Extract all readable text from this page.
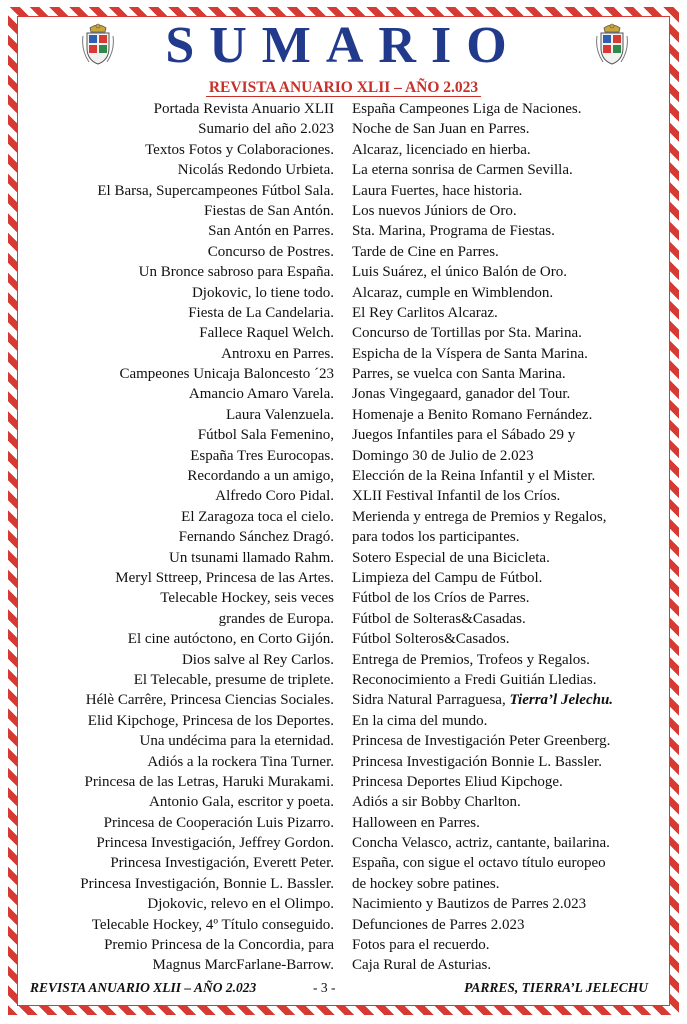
SUMARIO
REVISTA ANUARIO XLII – AÑO 2.023
Portada Revista Anuario XLII
Sumario del año 2.023
Textos Fotos y Colaboraciones.
Nicolás Redondo Urbieta.
El Barsa, Supercampeones Fútbol Sala.
Fiestas de San Antón.
San Antón en Parres.
Concurso de Postres.
Un Bronce sabroso para España.
Djokovic, lo tiene todo.
Fiesta de La Candelaria.
Fallece Raquel Welch.
Antroxu en Parres.
Campeones Unicaja Baloncesto ´23
Amancio Amaro Varela.
Laura Valenzuela.
Fútbol Sala Femenino,
España Tres Eurocopas.
Recordando a un amigo,
Alfredo Coro Pidal.
El Zaragoza toca el cielo.
Fernando Sánchez Dragó.
Un tsunami llamado Rahm.
Meryl Sttreep, Princesa de las Artes.
Telecable Hockey, seis veces
grandes de Europa.
El cine autóctono, en Corto Gijón.
Dios salve al Rey Carlos.
El Telecable, presume de triplete.
Hélè Carrêre, Princesa Ciencias Sociales.
Elid Kipchoge, Princesa de los Deportes.
Una undécima para la eternidad.
Adiós a la rockera Tina Turner.
Princesa de las Letras, Haruki Murakami.
Antonio Gala, escritor y poeta.
Princesa de Cooperación Luis Pizarro.
Princesa Investigación, Jeffrey Gordon.
Princesa Investigación, Everett Peter.
Princesa Investigación, Bonnie L. Bassler.
Djokovic, relevo en el Olimpo.
Telecable Hockey, 4º Título conseguido.
Premio Princesa de la Concordia, para
Magnus MarcFarlane-Barrow.
España Campeones Liga de Naciones.
Noche de San Juan en Parres.
Alcaraz, licenciado en hierba.
La eterna sonrisa de Carmen Sevilla.
Laura Fuertes, hace historia.
Los nuevos Júniors de Oro.
Sta. Marina, Programa de Fiestas.
Tarde de Cine en Parres.
Luis Suárez, el único Balón de Oro.
Alcaraz, cumple en Wimblendon.
El Rey Carlitos Alcaraz.
Concurso de Tortillas por Sta. Marina.
Espicha de la Víspera de Santa Marina.
Parres, se vuelca con Santa Marina.
Jonas Vingegaard, ganador del Tour.
Homenaje a Benito Romano Fernández.
Juegos Infantiles para el Sábado 29 y
Domingo 30 de Julio de 2.023
Elección de la Reina Infantil y el Mister.
XLII Festival Infantil de los Críos.
Merienda y entrega de Premios y Regalos,
para todos los participantes.
Sotero Especial de una Bicicleta.
Limpieza del Campu de Fútbol.
Fútbol de los Críos de Parres.
Fútbol de Solteras&Casadas.
Fútbol Solteros&Casados.
Entrega de Premios, Trofeos y Regalos.
Reconocimiento a Fredi Guitián Lledias.
Sidra Natural Parraguesa, Tierra’l Jelechu.
En la cima del mundo.
Princesa de Investigación Peter Greenberg.
Princesa Investigación Bonnie L. Bassler.
Princesa Deportes Eliud Kipchoge.
Adiós a sir Bobby Charlton.
Halloween en Parres.
Concha Velasco, actriz, cantante, bailarina.
España, con sigue el octavo título europeo
de hockey sobre patines.
Nacimiento y Bautizos de Parres 2.023
Defunciones de Parres 2.023
Fotos para el recuerdo.
Caja Rural de Asturias.
REVISTA ANUARIO XLII – AÑO 2.023	- 3 -	PARRES, TIERRA’L JELECHU
